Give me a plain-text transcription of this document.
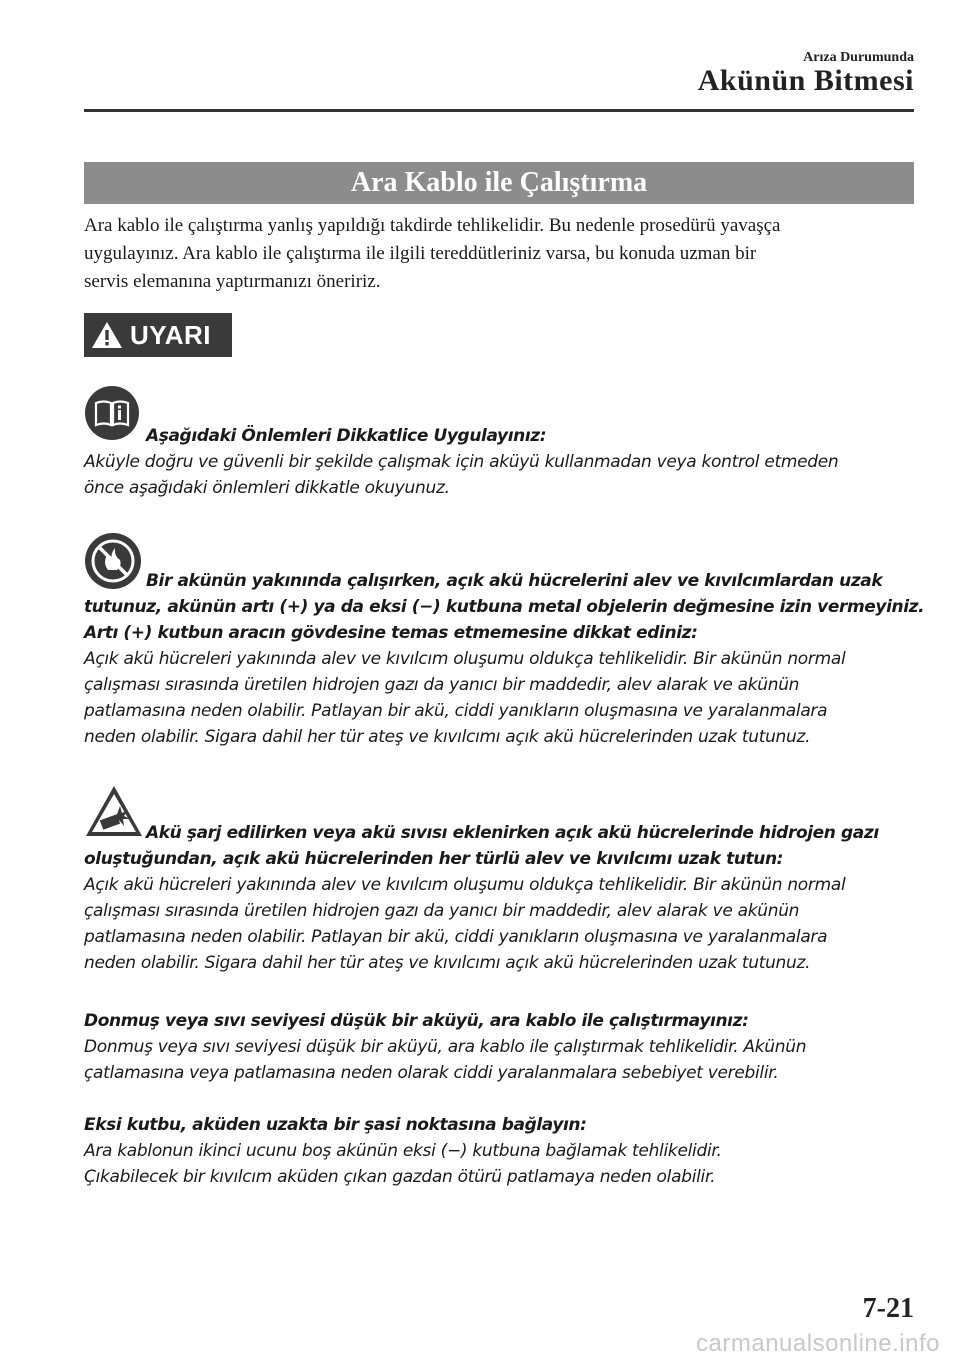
Arıza Durumunda
Akünün Bitmesi
Ara Kablo ile Çalıştırma
Ara kablo ile çalıştırma yanlış yapıldığı takdirde tehlikelidir. Bu nedenle prosedürü yavaşça
uygulayınız. Ara kablo ile çalıştırma ile ilgili tereddütleriniz varsa, bu konuda uzman bir
servis elemanına yaptırmanızı öneririz.
UYARI
Aşağıdaki Önlemleri Dikkatlice Uygulayınız:
Aküyle doğru ve güvenli bir şekilde çalışmak için aküyü kullanmadan veya kontrol etmeden
önce aşağıdaki önlemleri dikkatle okuyunuz.
Bir akünün yakınında çalışırken, açık akü hücrelerini alev ve kıvılcımlardan uzak
tutunuz, akünün artı (+) ya da eksi (−) kutbuna metal objelerin değmesine izin vermeyiniz.
Artı (+) kutbun aracın gövdesine temas etmemesine dikkat ediniz:
Açık akü hücreleri yakınında alev ve kıvılcım oluşumu oldukça tehlikelidir. Bir akünün normal
çalışması sırasında üretilen hidrojen gazı da yanıcı bir maddedir, alev alarak ve akünün
patlamasına neden olabilir. Patlayan bir akü, ciddi yanıkların oluşmasına ve yaralanmalara
neden olabilir. Sigara dahil her tür ateş ve kıvılcımı açık akü hücrelerinden uzak tutunuz.
Akü şarj edilirken veya akü sıvısı eklenirken açık akü hücrelerinde hidrojen gazı
oluştuğundan, açık akü hücrelerinden her türlü alev ve kıvılcımı uzak tutun:
Açık akü hücreleri yakınında alev ve kıvılcım oluşumu oldukça tehlikelidir. Bir akünün normal
çalışması sırasında üretilen hidrojen gazı da yanıcı bir maddedir, alev alarak ve akünün
patlamasına neden olabilir. Patlayan bir akü, ciddi yanıkların oluşmasına ve yaralanmalara
neden olabilir. Sigara dahil her tür ateş ve kıvılcımı açık akü hücrelerinden uzak tutunuz.
Donmuş veya sıvı seviyesi düşük bir aküyü, ara kablo ile çalıştırmayınız:
Donmuş veya sıvı seviyesi düşük bir aküyü, ara kablo ile çalıştırmak tehlikelidir. Akünün
çatlamasına veya patlamasına neden olarak ciddi yaralanmalara sebebiyet verebilir.
Eksi kutbu, aküden uzakta bir şasi noktasına bağlayın:
Ara kablonun ikinci ucunu boş akünün eksi (−) kutbuna bağlamak tehlikelidir.
Çıkabilecek bir kıvılcım aküden çıkan gazdan ötürü patlamaya neden olabilir.
7-21
carmanualsonline.info
